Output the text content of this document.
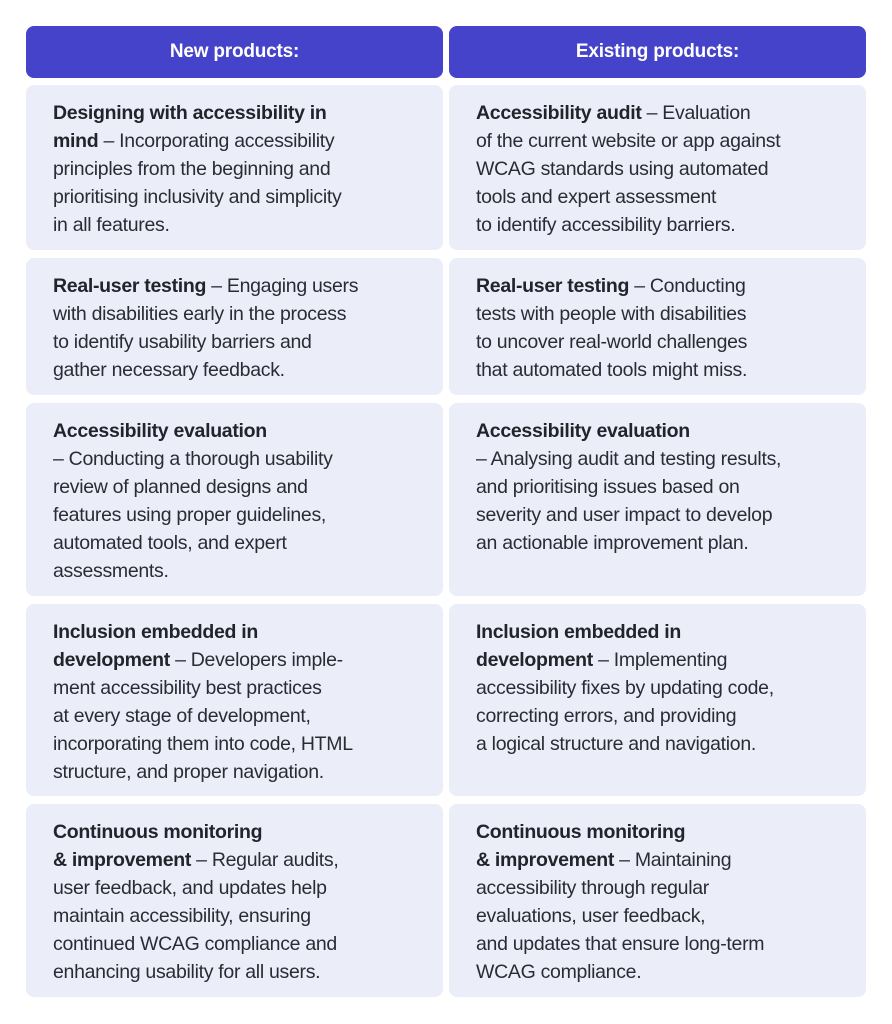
New products:
Designing with accessibility in
mind – Incorporating accessibility
principles from the beginning and
prioritising inclusivity and simplicity
in all features.
Real-user testing – Engaging users
with disabilities early in the process
to identify usability barriers and
gather necessary feedback.
Accessibility evaluation
– Conducting a thorough usability
review of planned designs and
features using proper guidelines,
automated tools, and expert
assessments.
Inclusion embedded in
development – Developers imple-
ment accessibility best practices
at every stage of development,
incorporating them into code, HTML
structure, and proper navigation.
Continuous monitoring
& improvement – Regular audits,
user feedback, and updates help
maintain accessibility, ensuring
continued WCAG compliance and
enhancing usability for all users.
Existing products:
Accessibility audit – Evaluation
of the current website or app against
WCAG standards using automated
tools and expert assessment
to identify accessibility barriers.
Real-user testing – Conducting
tests with people with disabilities
to uncover real-world challenges
that automated tools might miss.
Accessibility evaluation
– Analysing audit and testing results,
and prioritising issues based on
severity and user impact to develop
an actionable improvement plan.
Inclusion embedded in
development – Implementing
accessibility fixes by updating code,
correcting errors, and providing
a logical structure and navigation.
Continuous monitoring
& improvement – Maintaining
accessibility through regular
evaluations, user feedback,
and updates that ensure long-term
WCAG compliance.
